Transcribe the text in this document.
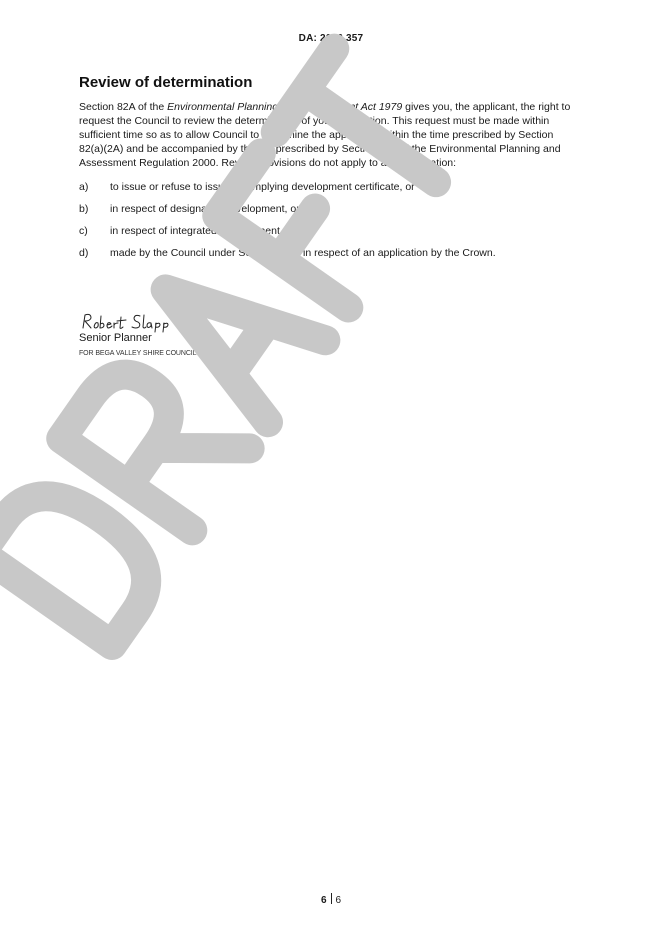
DA: 2016.357
Review of determination

Section 82A of the Environmental Planning and Assessment Act 1979 gives you, the applicant, the right to request the Council to review the determination of your application. This request must be made within sufficient time so as to allow Council to determine the application within the time prescribed by Section 82(a)(2A) and be accompanied by the fee prescribed by Section 257 of the Environmental Planning and Assessment Regulation 2000. Review provisions do not apply to a determination:

a)	to issue or refuse to issue a complying development certificate, or
b)	in respect of designated development, or
c)	in respect of integrated development, or
d)	made by the Council under Section 116E in respect of an application by the Crown.
Senior Planner
FOR BEGA VALLEY SHIRE COUNCIL
6 6
